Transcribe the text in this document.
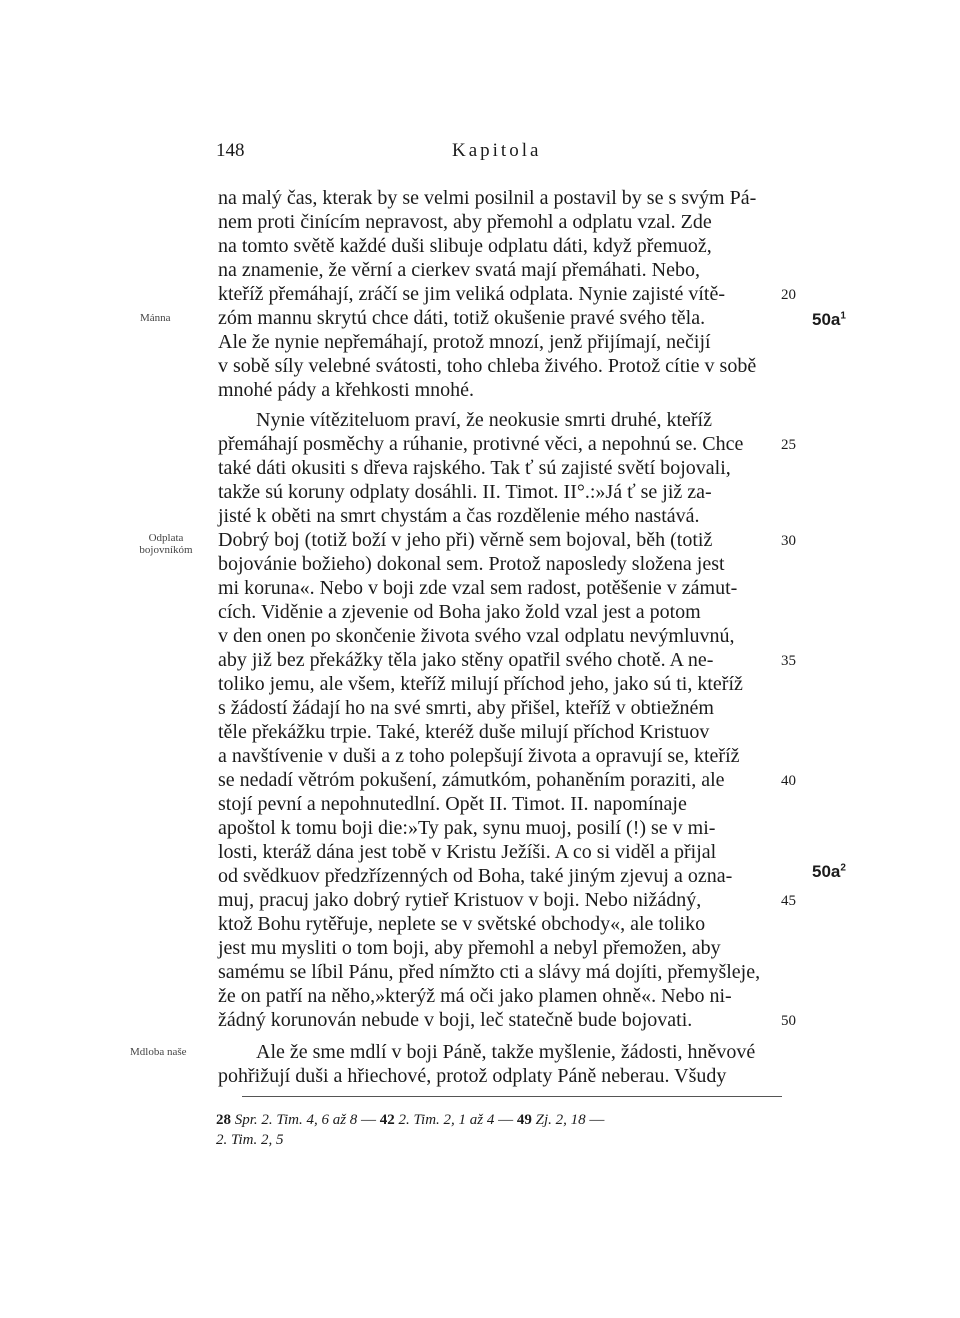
148	Kapitola
na malý čas, kterak by se velmi posilnil a postavil by se s svým Pá-
nem proti činícím nepravost, aby přemohl a odplatu vzal. Zde
na tomto světě každé duši slibuje odplatu dáti, když přemuož,
na znamenie, že věrní a cierkev svatá mají přemáhati. Nebo,
kteříž přemáhají, zráčí se jim veliká odplata. Nynie zajisté vítě-
zóm mannu skrytú chce dáti, totiž okušenie pravé svého těla.
Ale že nynie nepřemáhají, protož mnozí, jenž přijímají, nečijí
v sobě síly velebné svátosti, toho chleba živého. Protož cítie v sobě
mnohé pády a křehkosti mnohé.
Nynie vítěziteluom praví, že neokusie smrti druhé, kteříž
přemáhají posměchy a rúhanie, protivné věci, a nepohnú se. Chce
také dáti okusiti s dřeva rajského. Tak ť sú zajisté světí bojovali,
takže sú koruny odplaty dosáhli. II. Timot. II°.:»Já ť se již za-
jisté k oběti na smrt chystám a čas rozdělenie mého nastává.
Dobrý boj (totiž boží v jeho při) věrně sem bojoval, běh (totiž
bojovánie božieho) dokonal sem. Protož naposledy složena jest
mi koruna«. Nebo v boji zde vzal sem radost, potěšenie v zámut-
cích. Viděnie a zjevenie od Boha jako žold vzal jest a potom
v den onen po skončenie života svého vzal odplatu nevýmluvnú,
aby již bez překážky těla jako stěny opatřil svého chotě. A ne-
toliko jemu, ale všem, kteříž milují příchod jeho, jako sú ti, kteříž
s žádostí žádají ho na své smrti, aby přišel, kteříž v obtiežném
těle překážku trpie. Také, kteréž duše milují příchod Kristuov
a navštívenie v duši a z toho polepšují života a opravují se, kteříž
se nedadí větróm pokušení, zámutkóm, pohaněním poraziti, ale
stojí pevní a nepohnutedlní. Opět II. Timot. II. napomínaje
apoštol k tomu boji die:»Ty pak, synu muoj, posilí (!) se v mi-
losti, kteráž dána jest tobě v Kristu Ježíši. A co si viděl a přijal
od svědkuov předzřízenných od Boha, také jiným zjevuj a ozna-
muj, pracuj jako dobrý rytieř Kristuov v boji. Nebo nižádný,
ktož Bohu rytěřuje, neplete se v světské obchody«, ale toliko
jest mu mysliti o tom boji, aby přemohl a nebyl přemožen, aby
samému se líbil Pánu, před nímžto cti a slávy má dojíti, přemyšleje,
že on patří na něho,»kterýž má oči jako plamen ohně«. Nebo ni-
žádný korunován nebude v boji, leč statečně bude bojovati.
Ale že sme mdlí v boji Páně, takže myšlenie, žádosti, hněvové
pohřižují duši a hřiechové, protož odplaty Páně neberau. Všudy
20
25
30
35
40
45
50
Mánna
Odplata bojovníkóm
Mdloba naše
$50a^1$
$50a^2$
28 Spr. 2. Tim. 4, 6 až 8 — 42 2. Tim. 2, 1 až 4 — 49 Zj. 2, 18 —
2. Tim. 2, 5
